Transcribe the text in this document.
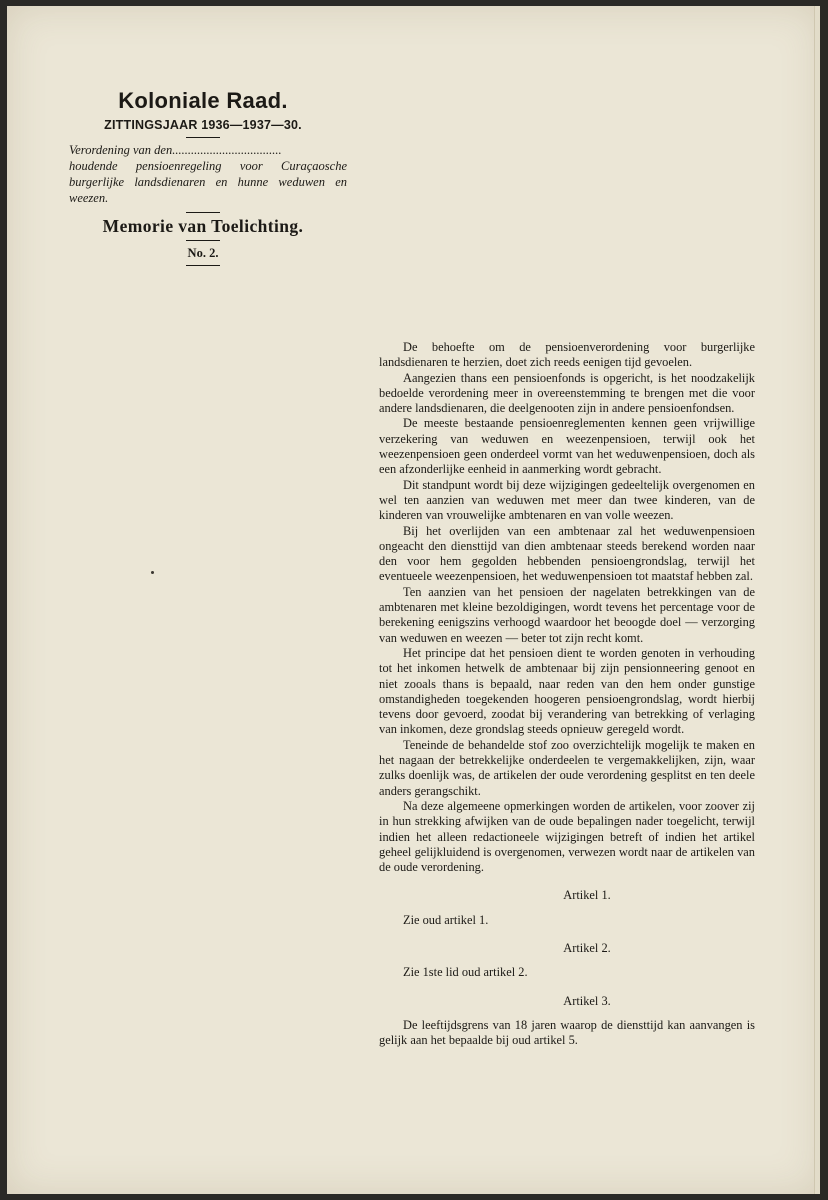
Koloniale Raad.
ZITTINGSJAAR 1936—1937—30.
Verordening van den...................................
houdende pensioenregeling voor Curaçaosche burgerlijke landsdienaren en hunne weduwen en weezen.
Memorie van Toelichting.
No. 2.

De behoefte om de pensioenverordening voor burgerlijke landsdienaren te herzien, doet zich reeds eenigen tijd gevoelen.

Aangezien thans een pensioenfonds is opgericht, is het noodzakelijk bedoelde verordening meer in overeenstemming te brengen met die voor andere landsdienaren, die deelgenooten zijn in andere pensioenfondsen.

De meeste bestaande pensioenreglementen kennen geen vrijwillige verzekering van weduwen en weezenpensioen, terwijl ook het weezenpensioen geen onderdeel vormt van het weduwenpensioen, doch als een afzonderlijke eenheid in aanmerking wordt gebracht.

Dit standpunt wordt bij deze wijzigingen gedeeltelijk overgenomen en wel ten aanzien van weduwen met meer dan twee kinderen, van de kinderen van vrouwelijke ambtenaren en van volle weezen.

Bij het overlijden van een ambtenaar zal het weduwenpensioen ongeacht den diensttijd van dien ambtenaar steeds berekend worden naar den voor hem gegolden hebbenden pensioengrondslag, terwijl het eventueele weezenpensioen, het weduwenpensioen tot maatstaf hebben zal.

Ten aanzien van het pensioen der nagelaten betrekkingen van de ambtenaren met kleine bezoldigingen, wordt tevens het percentage voor de berekening eenigszins verhoogd waardoor het beoogde doel — verzorging van weduwen en weezen — beter tot zijn recht komt.

Het principe dat het pensioen dient te worden genoten in verhouding tot het inkomen hetwelk de ambtenaar bij zijn pensionneering genoot en niet zooals thans is bepaald, naar reden van den hem onder gunstige omstandigheden toegekenden hoogeren pensioengrondslag, wordt hierbij tevens door gevoerd, zoodat bij verandering van betrekking of verlaging van inkomen, deze grondslag steeds opnieuw geregeld wordt.

Teneinde de behandelde stof zoo overzichtelijk mogelijk te maken en het nagaan der betrekkelijke onderdeelen te vergemakkelijken, zijn, waar zulks doenlijk was, de artikelen der oude verordening gesplitst en ten deele anders gerangschikt.

Na deze algemeene opmerkingen worden de artikelen, voor zoover zij in hun strekking afwijken van de oude bepalingen nader toegelicht, terwijl indien het alleen redactioneele wijzigingen betreft of indien het artikel geheel gelijkluidend is overgenomen, verwezen wordt naar de artikelen van de oude verordening.

Artikel 1.

Zie oud artikel 1.

Artikel 2.

Zie 1ste lid oud artikel 2.

Artikel 3.

De leeftijdsgrens van 18 jaren waarop de diensttijd kan aanvangen is gelijk aan het bepaalde bij oud artikel 5.
